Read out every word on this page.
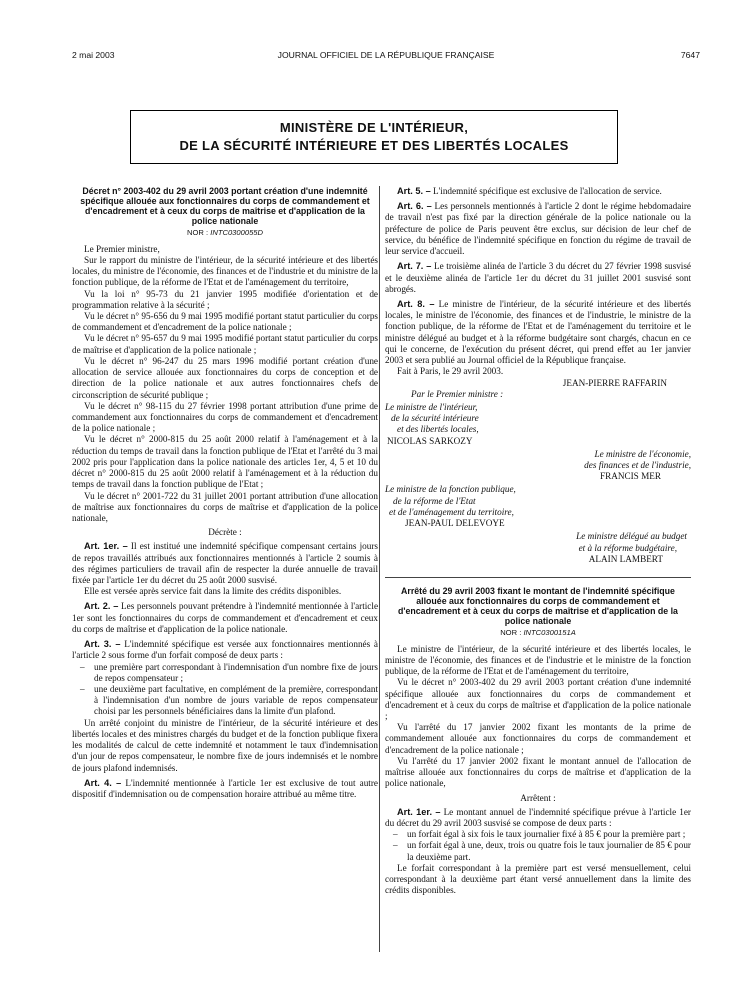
2 mai 2003	JOURNAL OFFICIEL DE LA RÉPUBLIQUE FRANÇAISE	7647
MINISTÈRE DE L'INTÉRIEUR,
DE LA SÉCURITÉ INTÉRIEURE ET DES LIBERTÉS LOCALES
Décret n° 2003-402 du 29 avril 2003 portant création d'une indemnité spécifique allouée aux fonctionnaires du corps de commandement et d'encadrement et à ceux du corps de maîtrise et d'application de la police nationale
NOR : INTC0300055D

Le Premier ministre,

Sur le rapport du ministre de l'intérieur, de la sécurité intérieure et des libertés locales, du ministre de l'économie, des finances et de l'industrie et du ministre de la fonction publique, de la réforme de l'Etat et de l'aménagement du territoire,

Vu la loi n° 95-73 du 21 janvier 1995 modifiée d'orientation et de programmation relative à la sécurité ;

Vu le décret n° 95-656 du 9 mai 1995 modifié portant statut particulier du corps de commandement et d'encadrement de la police nationale ;

Vu le décret n° 95-657 du 9 mai 1995 modifié portant statut particulier du corps de maîtrise et d'application de la police nationale ;

Vu le décret n° 96-247 du 25 mars 1996 modifié portant création d'une allocation de service allouée aux fonctionnaires du corps de conception et de direction de la police nationale et aux autres fonctionnaires chefs de circonscription de sécurité publique ;

Vu le décret n° 98-115 du 27 février 1998 portant attribution d'une prime de commandement aux fonctionnaires du corps de commandement et d'encadrement de la police nationale ;

Vu le décret n° 2000-815 du 25 août 2000 relatif à l'aménagement et à la réduction du temps de travail dans la fonction publique de l'Etat et l'arrêté du 3 mai 2002 pris pour l'application dans la police nationale des articles 1er, 4, 5 et 10 du décret n° 2000-815 du 25 août 2000 relatif à l'aménagement et à la réduction du temps de travail dans la fonction publique de l'Etat ;

Vu le décret n° 2001-722 du 31 juillet 2001 portant attribution d'une allocation de maîtrise aux fonctionnaires du corps de maîtrise et d'application de la police nationale,

Décrète :

Art. 1er. – Il est institué une indemnité spécifique compensant certains jours de repos travaillés attribués aux fonctionnaires mentionnés à l'article 2 soumis à des régimes particuliers de travail afin de respecter la durée annuelle de travail fixée par l'article 1er du décret du 25 août 2000 susvisé.

Elle est versée après service fait dans la limite des crédits disponibles.

Art. 2. – Les personnels pouvant prétendre à l'indemnité mentionnée à l'article 1er sont les fonctionnaires du corps de commandement et d'encadrement et ceux du corps de maîtrise et d'application de la police nationale.

Art. 3. – L'indemnité spécifique est versée aux fonctionnaires mentionnés à l'article 2 sous forme d'un forfait composé de deux parts :

– une première part correspondant à l'indemnisation d'un nombre fixe de jours de repos compensateur ;
– une deuxième part facultative, en complément de la première, correspondant à l'indemnisation d'un nombre de jours variable de repos compensateur choisi par les personnels bénéficiaires dans la limite d'un plafond.

Un arrêté conjoint du ministre de l'intérieur, de la sécurité intérieure et des libertés locales et des ministres chargés du budget et de la fonction publique fixera les modalités de calcul de cette indemnité et notamment le taux d'indemnisation d'un jour de repos compensateur, le nombre fixe de jours indemnisés et le nombre de jours plafond indemnisés.

Art. 4. – L'indemnité mentionnée à l'article 1er est exclusive de tout autre dispositif d'indemnisation ou de compensation horaire attribué au même titre.

Art. 5. – L'indemnité spécifique est exclusive de l'allocation de service.

Art. 6. – Les personnels mentionnés à l'article 2 dont le régime hebdomadaire de travail n'est pas fixé par la direction générale de la police nationale ou la préfecture de police de Paris peuvent être exclus, sur décision de leur chef de service, du bénéfice de l'indemnité spécifique en fonction du régime de travail de leur service d'accueil.

Art. 7. – Le troisième alinéa de l'article 3 du décret du 27 février 1998 susvisé et le deuxième alinéa de l'article 1er du décret du 31 juillet 2001 susvisé sont abrogés.

Art. 8. – Le ministre de l'intérieur, de la sécurité intérieure et des libertés locales, le ministre de l'économie, des finances et de l'industrie, le ministre de la fonction publique, de la réforme de l'Etat et de l'aménagement du territoire et le ministre délégué au budget et à la réforme budgétaire sont chargés, chacun en ce qui le concerne, de l'exécution du présent décret, qui prend effet au 1er janvier 2003 et sera publié au Journal officiel de la République française.

Fait à Paris, le 29 avril 2003.

JEAN-PIERRE RAFFARIN

Par le Premier ministre :

Le ministre de l'intérieur,
de la sécurité intérieure
et des libertés locales,
NICOLAS SARKOZY
Le ministre de l'économie,
des finances et de l'industrie,
FRANCIS MER
Le ministre de la fonction publique,
de la réforme de l'Etat
et de l'aménagement du territoire,
JEAN-PAUL DELEVOYE
Le ministre délégué au budget
et à la réforme budgétaire,
ALAIN LAMBERT
Arrêté du 29 avril 2003 fixant le montant de l'indemnité spécifique allouée aux fonctionnaires du corps de commandement et d'encadrement et à ceux du corps de maîtrise et d'application de la police nationale
NOR : INTC0300151A

Le ministre de l'intérieur, de la sécurité intérieure et des libertés locales, le ministre de l'économie, des finances et de l'industrie et le ministre de la fonction publique, de la réforme de l'Etat et de l'aménagement du territoire,

Vu le décret n° 2003-402 du 29 avril 2003 portant création d'une indemnité spécifique allouée aux fonctionnaires du corps de commandement et d'encadrement et à ceux du corps de maîtrise et d'application de la police nationale ;

Vu l'arrêté du 17 janvier 2002 fixant les montants de la prime de commandement allouée aux fonctionnaires du corps de commandement et d'encadrement de la police nationale ;

Vu l'arrêté du 17 janvier 2002 fixant le montant annuel de l'allocation de maîtrise allouée aux fonctionnaires du corps de maîtrise et d'application de la police nationale,

Arrêtent :

Art. 1er. – Le montant annuel de l'indemnité spécifique prévue à l'article 1er du décret du 29 avril 2003 susvisé se compose de deux parts :

– un forfait égal à six fois le taux journalier fixé à 85 € pour la première part ;
– un forfait égal à une, deux, trois ou quatre fois le taux journalier de 85 € pour la deuxième part.

Le forfait correspondant à la première part est versé mensuellement, celui correspondant à la deuxième part étant versé annuellement dans la limite des crédits disponibles.
